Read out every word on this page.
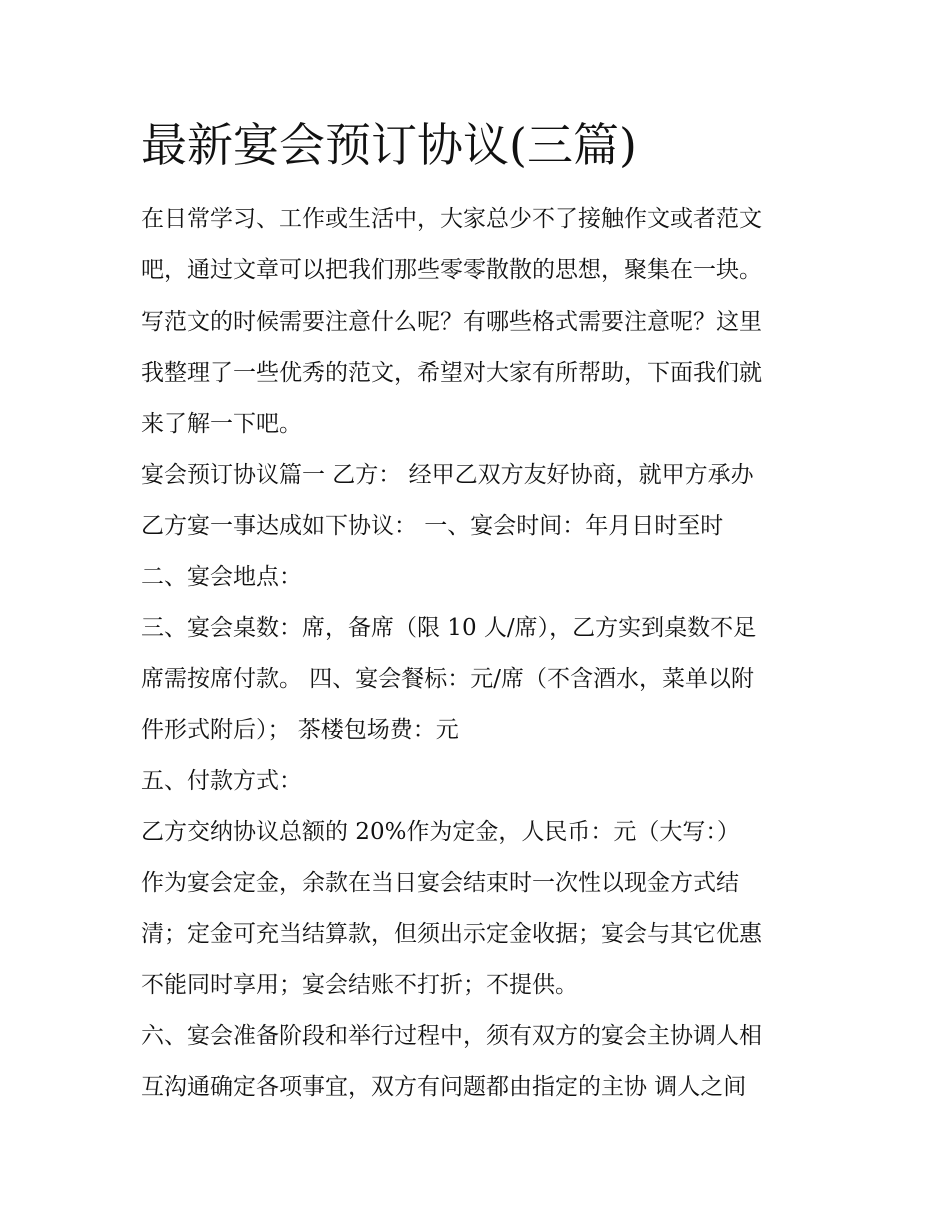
最新宴会预订协议(三篇)

在日常学习、工作或生活中，大家总少不了接触作文或者范文

吧，通过文章可以把我们那些零零散散的思想，聚集在一块。

写范文的时候需要注意什么呢？有哪些格式需要注意呢？这里

我整理了一些优秀的范文，希望对大家有所帮助，下面我们就

来了解一下吧。

宴会预订协议篇一 乙方： 经甲乙双方友好协商，就甲方承办

乙方宴一事达成如下协议： 一、宴会时间：年月日时至时

二、宴会地点：

三、宴会桌数：席，备席（限 10 人/席），乙方实到桌数不足

席需按席付款。 四、宴会餐标：元/席（不含酒水，菜单以附

件形式附后）； 茶楼包场费：元

五、付款方式：

乙方交纳协议总额的 20%作为定金，人民币：元（大写：）

作为宴会定金，余款在当日宴会结束时一次性以现金方式结

清；定金可充当结算款，但须出示定金收据；宴会与其它优惠

不能同时享用；宴会结账不打折；不提供。

六、宴会准备阶段和举行过程中，须有双方的宴会主协调人相

互沟通确定各项事宜，双方有问题都由指定的主协 调人之间
